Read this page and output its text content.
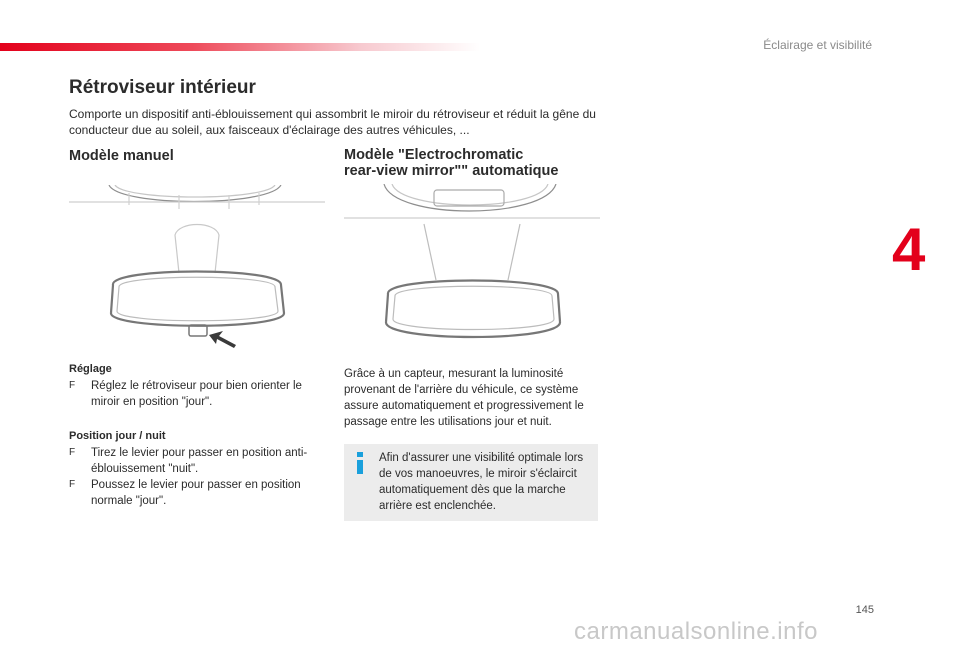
Éclairage et visibilité
4
Rétroviseur intérieur

Comporte un dispositif anti-éblouissement qui assombrit le miroir du rétroviseur et réduit la gêne du conducteur due au soleil, aux faisceaux d'éclairage des autres véhicules, ...

Modèle manuel	Modèle "Electrochromatic
rear-view mirror"" automatique

Réglage

F Réglez le rétroviseur pour bien orienter le miroir en position "jour".

Position jour / nuit

F Tirez le levier pour passer en position anti-éblouissement "nuit".
F Poussez le levier pour passer en position normale "jour".

Grâce à un capteur, mesurant la luminosité provenant de l'arrière du véhicule, ce système assure automatiquement et progressivement le passage entre les utilisations jour et nuit.

Afin d'assurer une visibilité optimale lors de vos manoeuvres, le miroir s'éclaircit automatiquement dès que la marche arrière est enclenchée.

145
carmanualsonline.info
